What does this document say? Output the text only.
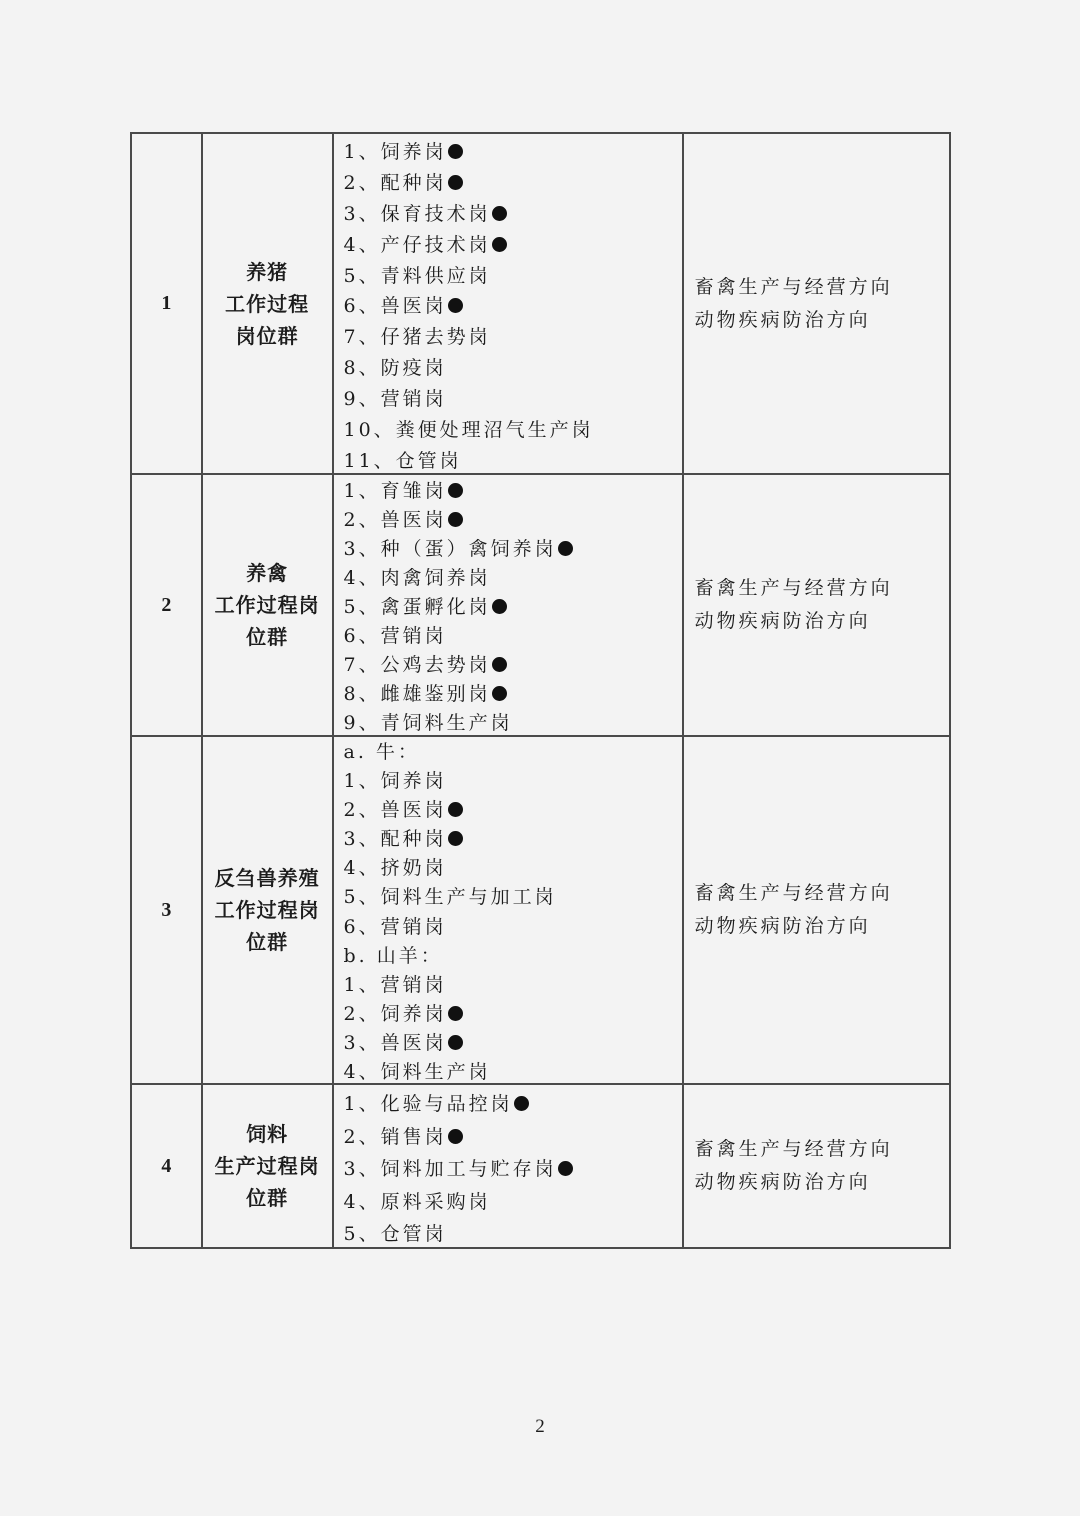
1
养猪
工作过程
岗位群
1、饲养岗
2、配种岗
3、保育技术岗
4、产仔技术岗
5、青料供应岗
6、兽医岗
7、仔猪去势岗
8、防疫岗
9、营销岗
10、粪便处理沼气生产岗
11、仓管岗
畜禽生产与经营方向
动物疾病防治方向
2
养禽
工作过程岗
位群
1、育雏岗
2、兽医岗
3、种（蛋）禽饲养岗
4、肉禽饲养岗
5、禽蛋孵化岗
6、营销岗
7、公鸡去势岗
8、雌雄鉴别岗
9、青饲料生产岗
畜禽生产与经营方向
动物疾病防治方向
3
反刍兽养殖
工作过程岗
位群
a. 牛：
1、饲养岗
2、兽医岗
3、配种岗
4、挤奶岗
5、饲料生产与加工岗
6、营销岗
b. 山羊：
1、营销岗
2、饲养岗
3、兽医岗
4、饲料生产岗
畜禽生产与经营方向
动物疾病防治方向
4
饲料
生产过程岗
位群
1、化验与品控岗
2、销售岗
3、饲料加工与贮存岗
4、原料采购岗
5、仓管岗
畜禽生产与经营方向
动物疾病防治方向
2
